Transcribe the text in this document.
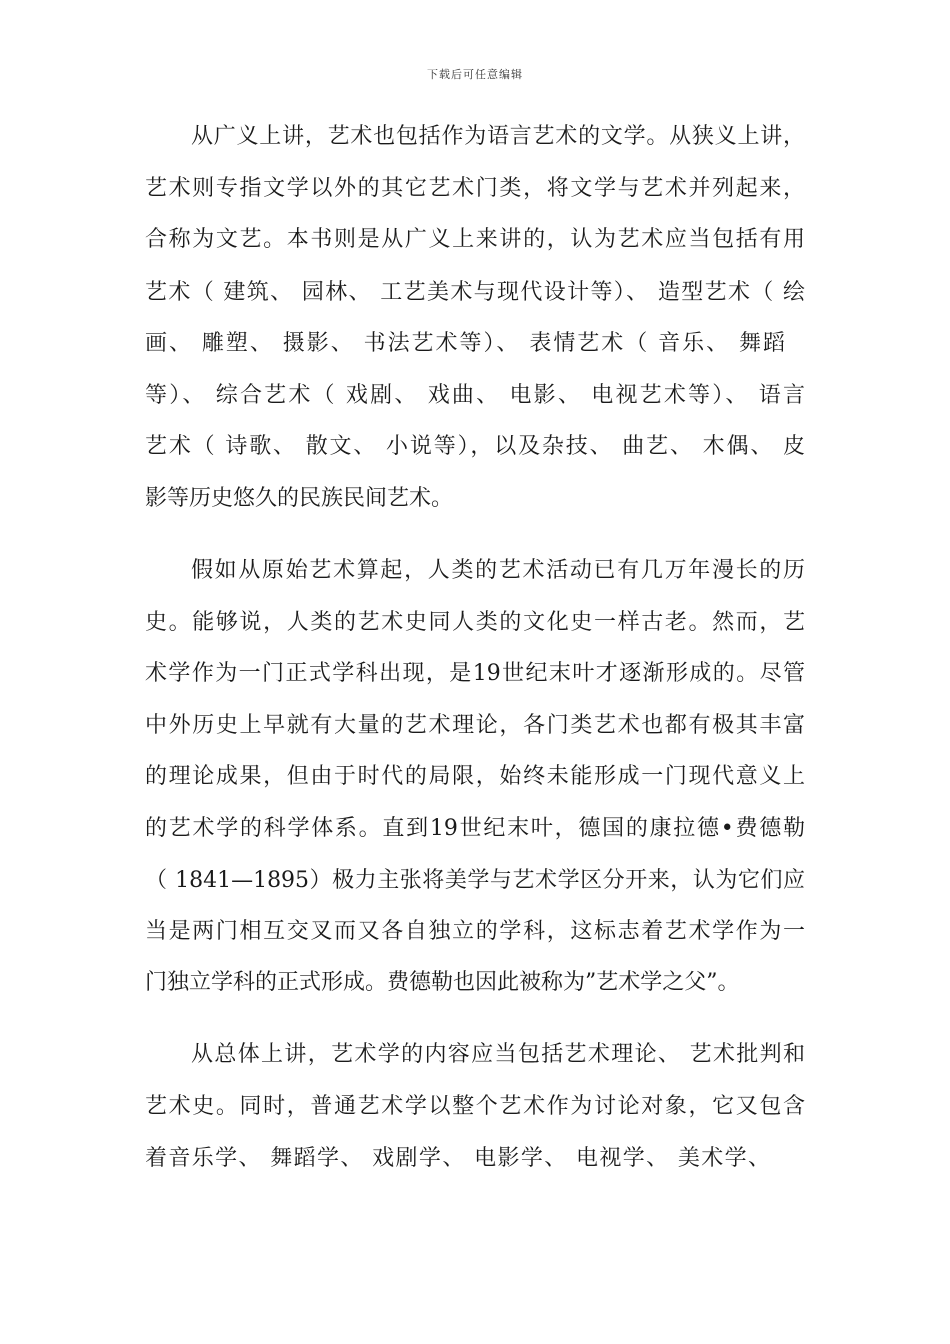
下载后可任意编辑
从广义上讲，艺术也包括作为语言艺术的文学。从狭义上讲，
艺术则专指文学以外的其它艺术门类，将文学与艺术并列起来，
合称为文艺。本书则是从广义上来讲的，认为艺术应当包括有用
艺术（ 建筑、 园林、 工艺美术与现代设计等）、 造型艺术（ 绘
画、 雕塑、 摄影、 书法艺术等）、 表情艺术（ 音乐、 舞蹈
等）、 综合艺术（ 戏剧、 戏曲、 电影、 电视艺术等）、 语言
艺术（ 诗歌、 散文、 小说等），以及杂技、 曲艺、 木偶、 皮
影等历史悠久的民族民间艺术。
假如从原始艺术算起，人类的艺术活动已有几万年漫长的历
史。能够说，人类的艺术史同人类的文化史一样古老。然而，艺
术学作为一门正式学科出现，是19世纪末叶才逐渐形成的。尽管
中外历史上早就有大量的艺术理论，各门类艺术也都有极其丰富
的理论成果，但由于时代的局限，始终未能形成一门现代意义上
的艺术学的科学体系。直到19世纪末叶，德国的康拉德•费德勒
（ 1841—1895）极力主张将美学与艺术学区分开来，认为它们应
当是两门相互交叉而又各自独立的学科，这标志着艺术学作为一
门独立学科的正式形成。费德勒也因此被称为”艺术学之父”。
从总体上讲，艺术学的内容应当包括艺术理论、 艺术批判和
艺术史。同时，普通艺术学以整个艺术作为讨论对象，它又包含
着音乐学、 舞蹈学、 戏剧学、 电影学、 电视学、 美术学、
